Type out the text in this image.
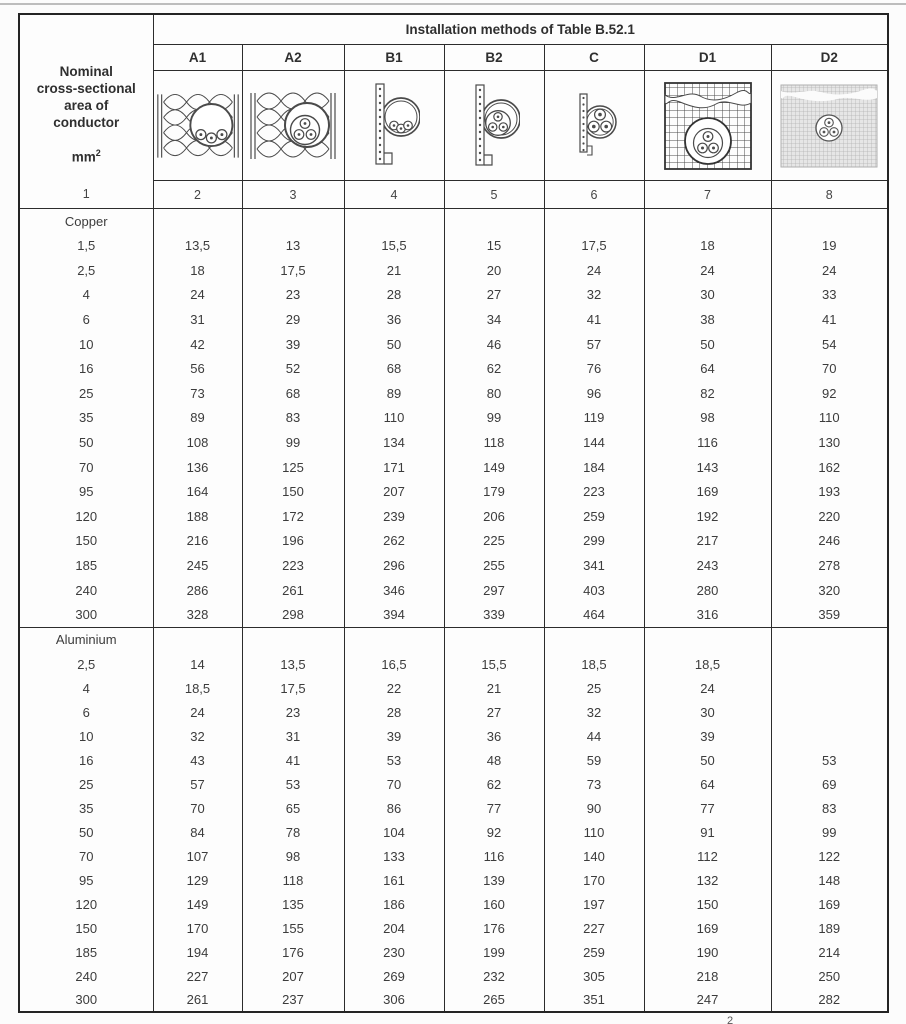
Nominal
cross-sectional
area of
conductor
$mm^2$	Installation methods of Table B.52.1						
	A1	A2	B1	B2	C	D1	D2

1	2	3	4	5	6	7	8
Copper							
1,5	13,5	13	15,5	15	17,5	18	19
2,5	18	17,5	21	20	24	24	24
4	24	23	28	27	32	30	33
6	31	29	36	34	41	38	41
10	42	39	50	46	57	50	54
16	56	52	68	62	76	64	70
25	73	68	89	80	96	82	92
35	89	83	110	99	119	98	110
50	108	99	134	118	144	116	130
70	136	125	171	149	184	143	162
95	164	150	207	179	223	169	193
120	188	172	239	206	259	192	220
150	216	196	262	225	299	217	246
185	245	223	296	255	341	243	278
240	286	261	346	297	403	280	320
300	328	298	394	339	464	316	359
Aluminium							
2,5	14	13,5	16,5	15,5	18,5	18,5	
4	18,5	17,5	22	21	25	24	
6	24	23	28	27	32	30	
10	32	31	39	36	44	39	
16	43	41	53	48	59	50	53
25	57	53	70	62	73	64	69
35	70	65	86	77	90	77	83
50	84	78	104	92	110	91	99
70	107	98	133	116	140	112	122
95	129	118	161	139	170	132	148
120	149	135	186	160	197	150	169
150	170	155	204	176	227	169	189
185	194	176	230	199	259	190	214
240	227	207	269	232	305	218	250
300	261	237	306	265	351	247	282
2
